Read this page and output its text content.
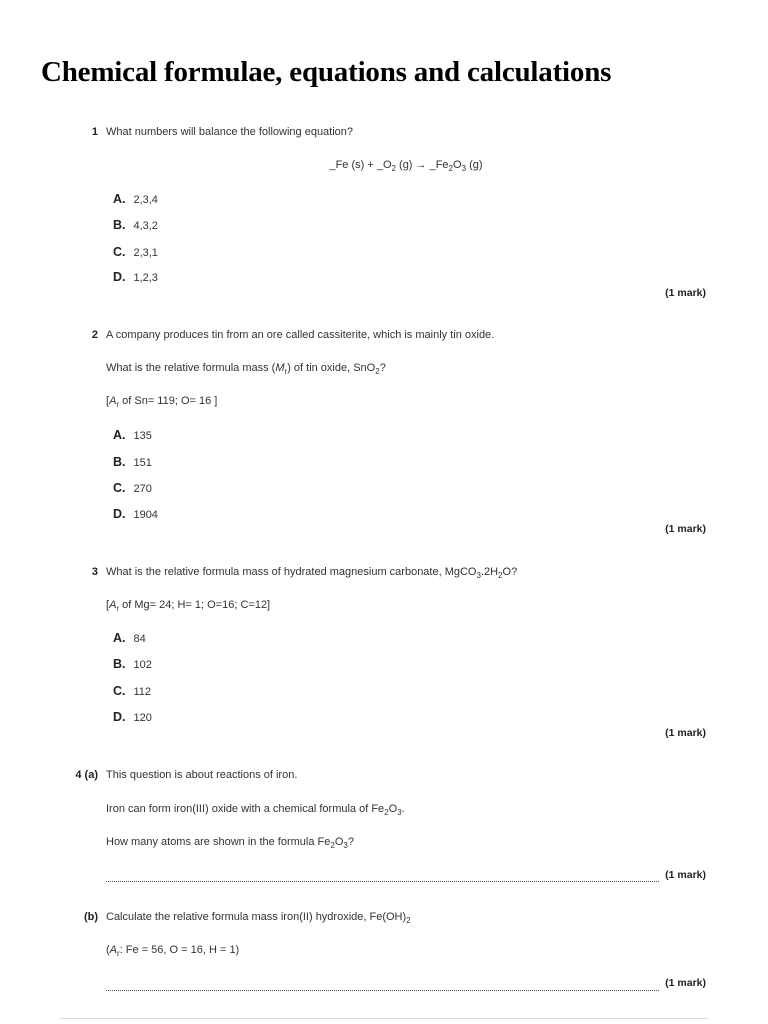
Chemical formulae, equations and calculations
1 What numbers will balance the following equation?
_Fe $(s) + \_O_2$ $(g) \to \_Fe_2O_3$ (g)
A. 2,3,4
B. 4,3,2
C. 2,3,1
D. 1,2,3
(1 mark)
2 A company produces tin from an ore called cassiterite, which is mainly tin oxide.
What is the relative formula mass $(M_r)$ of tin oxide, SnO$_2$?
[$A_r$ of Sn= 119; O= 16 ]
A. 135
B. 151
C. 270
D. 1904
(1 mark)
3 What is the relative formula mass of hydrated magnesium carbonate, $MgCO_3.2H_2O$?
[$A_r$ of Mg= 24; H= 1; O=16; C=12]
A. 84
B. 102
C. 112
D. 120
(1 mark)
4 (a) This question is about reactions of iron.
Iron can form iron(III) oxide with a chemical formula of $Fe_2O_3$.
How many atoms are shown in the formula $Fe_2O_3$?
(1 mark)
(b) Calculate the relative formula mass iron(II) hydroxide, $Fe(OH)_2$
($A_r$: Fe = 56, O = 16, H = 1)
(1 mark)
